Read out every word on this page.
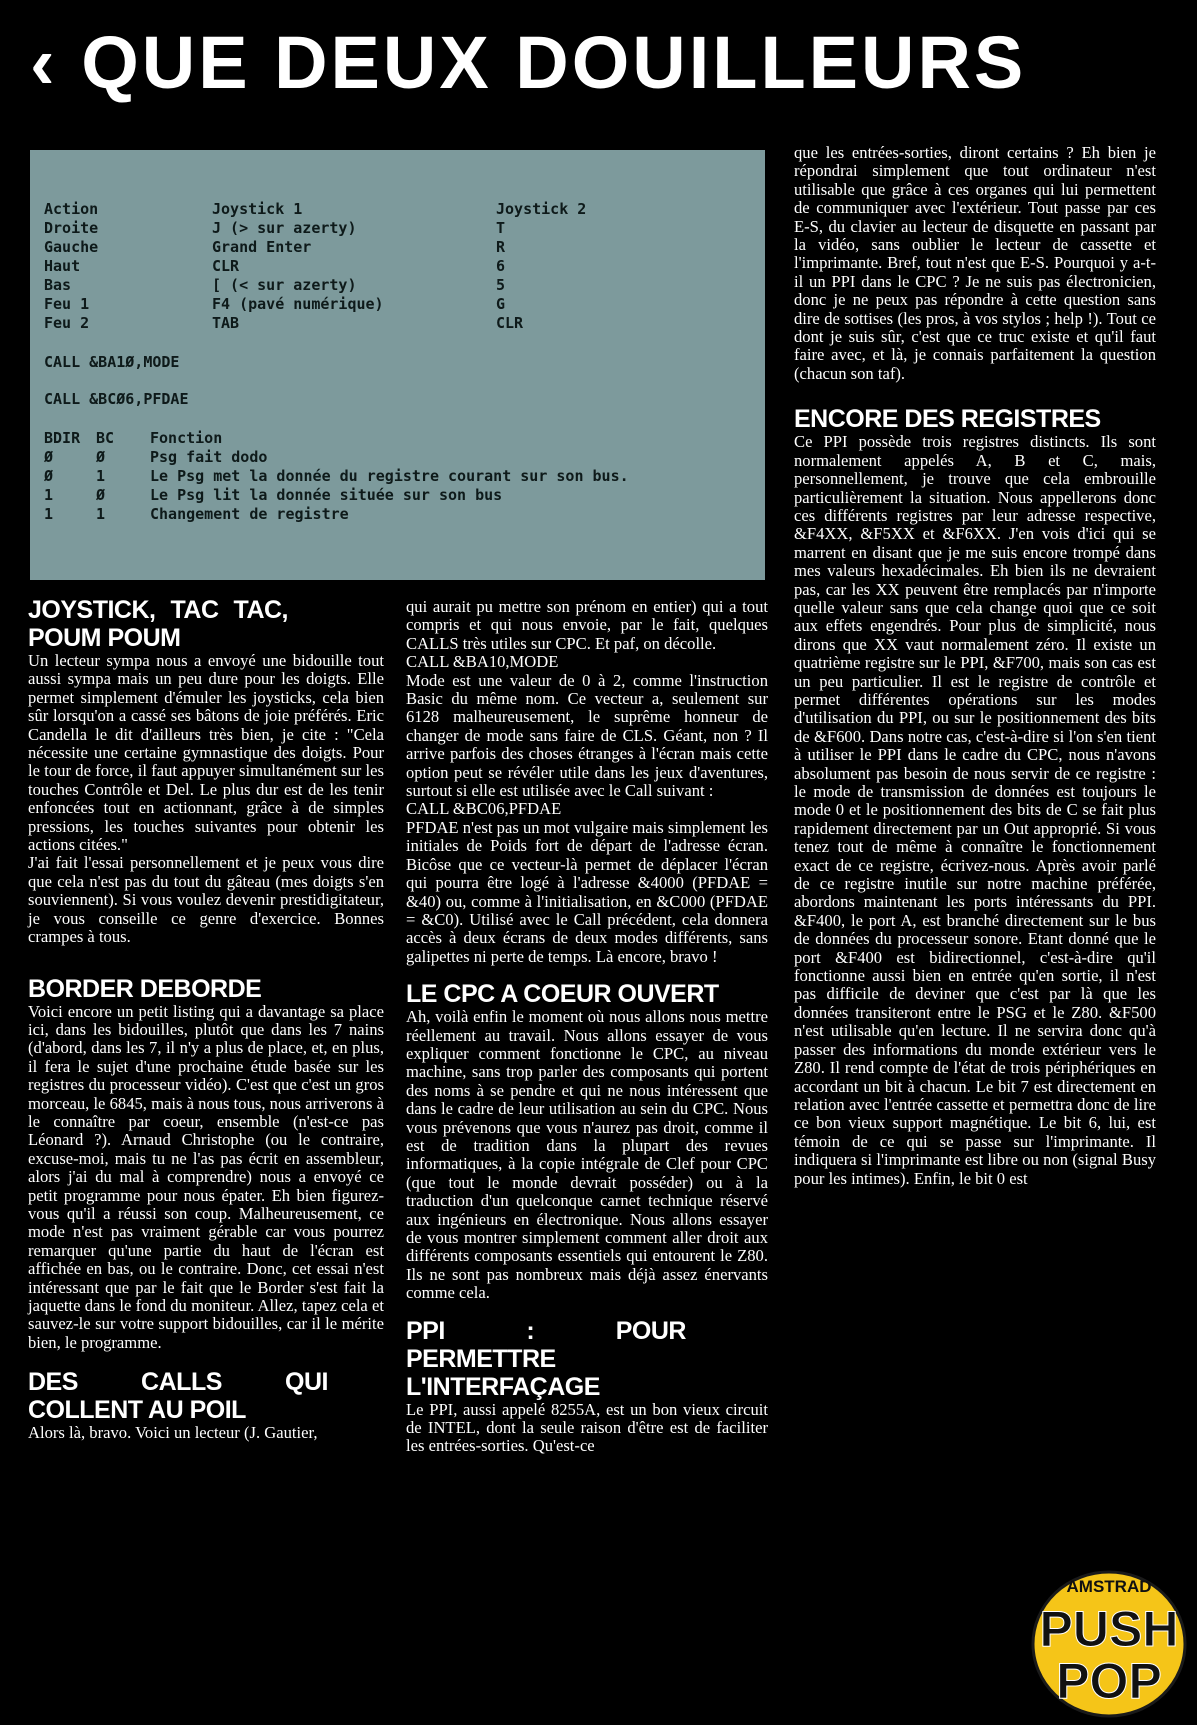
‹ QUE DEUX DOUILLEURS
Action	Joystick 1	Joystick 2
Droite	J (> sur azerty)	T
Gauche	Grand Enter	R
Haut	CLR	6
Bas	[ (< sur azerty)	5
Feu 1	F4 (pavé numérique)	G
Feu 2	TAB	CLR
CALL &BA1Ø,MODE
CALL &BCØ6,PFDAE
BDIR BC Fonction
Ø	Ø	Psg fait dodo
Ø	1	Le Psg met la donnée du registre courant sur son bus.
1	Ø	Le Psg lit la donnée située sur son bus
1	1	Changement de registre
JOYSTICK, TAC TAC, POUM POUM

Un lecteur sympa nous a envoyé une bidouille tout aussi sympa mais un peu dure pour les doigts. Elle permet simplement d'émuler les joysticks, cela bien sûr lorsqu'on a cassé ses bâtons de joie préférés. Eric Candella le dit d'ailleurs très bien, je cite : "Cela nécessite une certaine gymnastique des doigts. Pour le tour de force, il faut appuyer simultanément sur les touches Contrôle et Del. Le plus dur est de les tenir enfoncées tout en actionnant, grâce à de simples pressions, les touches suivantes pour obtenir les actions citées."

J'ai fait l'essai personnellement et je peux vous dire que cela n'est pas du tout du gâteau (mes doigts s'en souviennent). Si vous voulez devenir prestidigitateur, je vous conseille ce genre d'exercice. Bonnes crampes à tous.

BORDER DEBORDE

Voici encore un petit listing qui a davantage sa place ici, dans les bidouilles, plutôt que dans les 7 nains (d'abord, dans les 7, il n'y a plus de place, et, en plus, il fera le sujet d'une prochaine étude basée sur les registres du processeur vidéo). C'est que c'est un gros morceau, le 6845, mais à nous tous, nous arriverons à le connaître par coeur, ensemble (n'est-ce pas Léonard ?). Arnaud Christophe (ou le contraire, excuse-moi, mais tu ne l'as pas écrit en assembleur, alors j'ai du mal à comprendre) nous a envoyé ce petit programme pour nous épater. Eh bien figurez-vous qu'il a réussi son coup. Malheureusement, ce mode n'est pas vraiment gérable car vous pourrez remarquer qu'une partie du haut de l'écran est affichée en bas, ou le contraire. Donc, cet essai n'est intéressant que par le fait que le Border s'est fait la jaquette dans le fond du moniteur. Allez, tapez cela et sauvez-le sur votre support bidouilles, car il le mérite bien, le programme.

DES CALLS QUI COLLENT AU POIL

Alors là, bravo. Voici un lecteur (J. Gautier,

qui aurait pu mettre son prénom en entier) qui a tout compris et qui nous envoie, par le fait, quelques CALLS très utiles sur CPC. Et paf, on décolle.

CALL &BA10,MODE

Mode est une valeur de 0 à 2, comme l'instruction Basic du même nom. Ce vecteur a, seulement sur 6128 malheureusement, le suprême honneur de changer de mode sans faire de CLS. Géant, non ? Il arrive parfois des choses étranges à l'écran mais cette option peut se révéler utile dans les jeux d'aventures, surtout si elle est utilisée avec le Call suivant :

CALL &BC06,PFDAE

PFDAE n'est pas un mot vulgaire mais simplement les initiales de Poids fort de départ de l'adresse écran. Bicôse que ce vecteur-là permet de déplacer l'écran qui pourra être logé à l'adresse &4000 (PFDAE = &40) ou, comme à l'initialisation, en &C000 (PFDAE = &C0). Utilisé avec le Call précédent, cela donnera accès à deux écrans de deux modes différents, sans galipettes ni perte de temps. Là encore, bravo !

LE CPC A COEUR OUVERT

Ah, voilà enfin le moment où nous allons nous mettre réellement au travail. Nous allons essayer de vous expliquer comment fonctionne le CPC, au niveau machine, sans trop parler des composants qui portent des noms à se pendre et qui ne nous intéressent que dans le cadre de leur utilisation au sein du CPC. Nous vous prévenons que vous n'aurez pas droit, comme il est de tradition dans la plupart des revues informatiques, à la copie intégrale de Clef pour CPC (que tout le monde devrait posséder) ou à la traduction d'un quelconque carnet technique réservé aux ingénieurs en électronique. Nous allons essayer de vous montrer simplement comment aller droit aux différents composants essentiels qui entourent le Z80. Ils ne sont pas nombreux mais déjà assez énervants comme cela.

PPI : POUR PERMETTRE L'INTERFAÇAGE

Le PPI, aussi appelé 8255A, est un bon vieux circuit de INTEL, dont la seule raison d'être est de faciliter les entrées-sorties. Qu'est-ce

que les entrées-sorties, diront certains ? Eh bien je répondrai simplement que tout ordinateur n'est utilisable que grâce à ces organes qui lui permettent de communiquer avec l'extérieur. Tout passe par ces E-S, du clavier au lecteur de disquette en passant par la vidéo, sans oublier le lecteur de cassette et l'imprimante. Bref, tout n'est que E-S. Pourquoi y a-t-il un PPI dans le CPC ? Je ne suis pas électronicien, donc je ne peux pas répondre à cette question sans dire de sottises (les pros, à vos stylos ; help !). Tout ce dont je suis sûr, c'est que ce truc existe et qu'il faut faire avec, et là, je connais parfaitement la question (chacun son taf).

ENCORE DES REGISTRES

Ce PPI possède trois registres distincts. Ils sont normalement appelés A, B et C, mais, personnellement, je trouve que cela embrouille particulièrement la situation. Nous appellerons donc ces différents registres par leur adresse respective, &F4XX, &F5XX et &F6XX. J'en vois d'ici qui se marrent en disant que je me suis encore trompé dans mes valeurs hexadécimales. Eh bien ils ne devraient pas, car les XX peuvent être remplacés par n'importe quelle valeur sans que cela change quoi que ce soit aux effets engendrés. Pour plus de simplicité, nous dirons que XX vaut normalement zéro. Il existe un quatrième registre sur le PPI, &F700, mais son cas est un peu particulier. Il est le registre de contrôle et permet différentes opérations sur les modes d'utilisation du PPI, ou sur le positionnement des bits de &F600. Dans notre cas, c'est-à-dire si l'on s'en tient à utiliser le PPI dans le cadre du CPC, nous n'avons absolument pas besoin de nous servir de ce registre : le mode de transmission de données est toujours le mode 0 et le positionnement des bits de C se fait plus rapidement directement par un Out approprié. Si vous tenez tout de même à connaître le fonctionnement exact de ce registre, écrivez-nous. Après avoir parlé de ce registre inutile sur notre machine préférée, abordons maintenant les ports intéressants du PPI. &F400, le port A, est branché directement sur le bus de données du processeur sonore. Etant donné que le port &F400 est bidirectionnel, c'est-à-dire qu'il fonctionne aussi bien en entrée qu'en sortie, il n'est pas difficile de deviner que c'est par là que les données transiteront entre le PSG et le Z80. &F500 n'est utilisable qu'en lecture. Il ne servira donc qu'à passer des informations du monde extérieur vers le Z80. Il rend compte de l'état de trois périphériques en accordant un bit à chacun. Le bit 7 est directement en relation avec l'entrée cassette et permettra donc de lire ce bon vieux support magnétique. Le bit 6, lui, est témoin de ce qui se passe sur l'imprimante. Il indiquera si l'imprimante est libre ou non (signal Busy pour les intimes). Enfin, le bit 0 est

AMSTRAD
PUSH
POP
